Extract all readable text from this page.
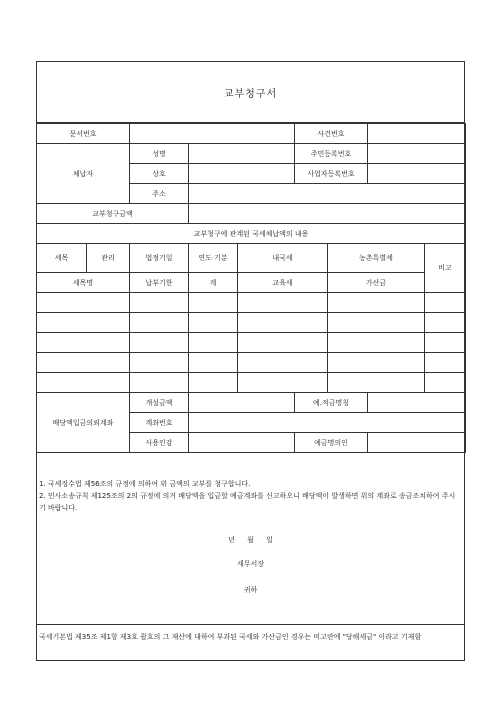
교부청구서
문서번호					사건번호			
체납자		성명			주민등록번호			
		상호			사업자등록번호			
		주소						
교부청구금액								
교부청구에 관계된 국세체납액의 내용								
세목	관리	법정기일	연도·기분	내국세		농촌특별세		비고
세목명		납부기한	계	교육세		가산금		

배당액입금의뢰계좌		개설금액			예.적금명칭			
		계좌번호						
		사용인감			예금명의인			
1. 국세징수법 제56조의 규정에 의하여 위 금액의 교부를 청구합니다.
2. 민사소송규칙 제125조의 2의 규정에 의거 배당액을 입금할 예금계좌를 신고하오니 배당액이 발생하면 위의 계좌로 송금조치하여 주시기 바랍니다.
년 월 일
세무서장
귀하
국세기본법 제35조 제1항 제3호 괄호의 그 재산에 대하여 부과된 국세와 가산금인 경우는 비고란에 "당해세금" 이라고 기재함
